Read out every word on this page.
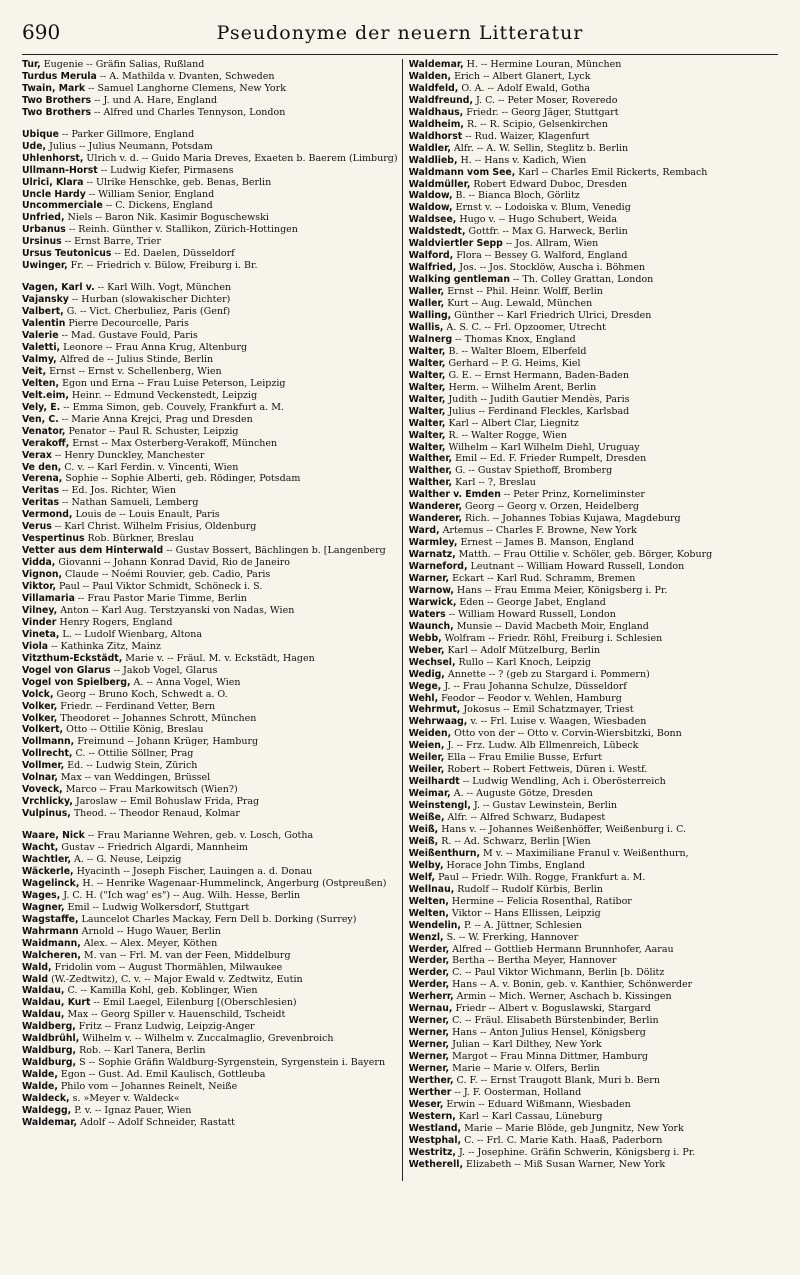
690	Pseudonyme der neuern Litteratur
Tur, Eugenie -- Gräfin Salias, Rußland
Turdus Merula -- A. Mathilda v. Dvanten, Schweden
Twain, Mark -- Samuel Langhorne Clemens, New York
Two Brothers -- J. und A. Hare, England
Two Brothers -- Alfred und Charles Tennyson, London
Ubique -- Parker Gillmore, England
Ude, Julius -- Julius Neumann, Potsdam
Uhlenhorst, Ulrich v. d. -- Guido Maria Dreves, Exaeten b. Baerem (Limburg)
Ullmann-Horst -- Ludwig Kiefer, Pirmasens
Ulrici, Klara -- Ulrike Henschke, geb. Benas, Berlin
Uncle Hardy -- William Senior, England
Uncommerciale -- C. Dickens, England
Unfried, Niels -- Baron Nik. Kasimir Boguschewski
Urbanus -- Reinh. Günther v. Stallikon, Zürich-Hottingen
Ursinus -- Ernst Barre, Trier
Ursus Teutonicus -- Ed. Daelen, Düsseldorf
Uwinger, Fr. -- Friedrich v. Bülow, Freiburg i. Br.
Vagen, Karl v. -- Karl Wilh. Vogt, München
Vajansky -- Hurban (slowakischer Dichter)
Valbert, G. -- Vict. Cherbuliez, Paris (Genf)
Valentin Pierre Decourcelle, Paris
Valerie -- Mad. Gustave Fould, Paris
Valetti, Leonore -- Frau Anna Krug, Altenburg
Valmy, Alfred de -- Julius Stinde, Berlin
Veit, Ernst -- Ernst v. Schellenberg, Wien
Velten, Egon und Erna -- Frau Luise Peterson, Leipzig
Velt.eim, Heinr. -- Edmund Veckenstedt, Leipzig
Vely, E. -- Emma Simon, geb. Couvely, Frankfurt a. M.
Ven, C. -- Marie Anna Krejci, Prag und Dresden
Venator, Penator -- Paul R. Schuster, Leipzig
Verakoff, Ernst -- Max Osterberg-Verakoff, München
Verax -- Henry Dunckley, Manchester
Ve den, C. v. -- Karl Ferdin. v. Vincenti, Wien
Verena, Sophie -- Sophie Alberti, geb. Rödinger, Potsdam
Veritas -- Ed. Jos. Richter, Wien
Veritas -- Nathan Samueli, Lemberg
Vermond, Louis de -- Louis Enault, Paris
Verus -- Karl Christ. Wilhelm Frisius, Oldenburg
Vespertinus Rob. Bürkner, Breslau
Vetter aus dem Hinterwald -- Gustav Bossert, Bächlingen b. [Langenberg
Vidda, Giovanni -- Johann Konrad David, Rio de Janeiro
Vignon, Claude -- Noémi Rouvier, geb. Cadio, Paris
Viktor, Paul -- Paul Viktor Schmidt, Schöneck i. S.
Villamaria -- Frau Pastor Marie Timme, Berlin
Vilney, Anton -- Karl Aug. Terstzyanski von Nadas, Wien
Vinder Henry Rogers, England
Vineta, L. -- Ludolf Wienbarg, Altona
Viola -- Kathinka Zitz, Mainz
Vitzthum-Eckstädt, Marie v. -- Fräul. M. v. Eckstädt, Hagen
Vogel von Glarus -- Jakob Vogel, Glarus
Vogel von Spielberg, A. -- Anna Vogel, Wien
Volck, Georg -- Bruno Koch, Schwedt a. O.
Volker, Friedr. -- Ferdinand Vetter, Bern
Volker, Theodoret -- Johannes Schrott, München
Volkert, Otto -- Ottilie König, Breslau
Vollmann, Freimund -- Johann Krüger, Hamburg
Vollrecht, C. -- Ottilie Söllner, Prag
Vollmer, Ed. -- Ludwig Stein, Zürich
Volnar, Max -- van Weddingen, Brüssel
Voveck, Marco -- Frau Markowitsch (Wien?)
Vrchlicky, Jaroslaw -- Emil Bohuslaw Frida, Prag
Vulpinus, Theod. -- Theodor Renaud, Kolmar
Waare, Nick -- Frau Marianne Wehren, geb. v. Losch, Gotha
Wacht, Gustav -- Friedrich Algardi, Mannheim
Wachtler, A. -- G. Neuse, Leipzig
Wäckerle, Hyacinth -- Joseph Fischer, Lauingen a. d. Donau
Wagelinck, H. -- Henrike Wagenaar-Hummelinck, Angerburg (Ostpreußen)
Wages, J. C. H. ("Ich wag' es") -- Aug. Wilh. Hesse, Berlin
Wagner, Emil -- Ludwig Wolkersdorf, Stuttgart
Wagstaffe, Launcelot Charles Mackay, Fern Dell b. Dorking (Surrey)
Wahrmann Arnold -- Hugo Wauer, Berlin
Waidmann, Alex. -- Alex. Meyer, Köthen
Walcheren, M. van -- Frl. M. van der Feen, Middelburg
Wald, Fridolin vom -- August Thormählen, Milwaukee
Wald (W.-Zedtwitz), C. v. -- Major Ewald v. Zedtwitz, Eutin
Waldau, C. -- Kamilla Kohl, geb. Koblinger, Wien
Waldau, Kurt -- Emil Laegel, Eilenburg [(Oberschlesien)
Waldau, Max -- Georg Spiller v. Hauenschild, Tscheidt
Waldberg, Fritz -- Franz Ludwig, Leipzig-Anger
Waldbrühl, Wilhelm v. -- Wilhelm v. Zuccalmaglio, Grevenbroich
Waldburg, Rob. -- Karl Tanera, Berlin
Waldburg, S -- Sophie Gräfin Waldburg-Syrgenstein, Syrgenstein i. Bayern
Walde, Egon -- Gust. Ad. Emil Kaulisch, Gottleuba
Walde, Philo vom -- Johannes Reinelt, Neiße
Waldeck, s. »Meyer v. Waldeck«
Waldegg, P. v. -- Ignaz Pauer, Wien
Waldemar, Adolf -- Adolf Schneider, Rastatt
Waldemar, H. -- Hermine Louran, München
Walden, Erich -- Albert Glanert, Lyck
Waldfeld, O. A. -- Adolf Ewald, Gotha
Waldfreund, J. C. -- Peter Moser, Roveredo
Waldhaus, Friedr. -- Georg Jäger, Stuttgart
Waldheim, R. -- R. Scipio, Gelsenkirchen
Waldhorst -- Rud. Waizer, Klagenfurt
Waldler, Alfr. -- A. W. Sellin, Steglitz b. Berlin
Waldlieb, H. -- Hans v. Kadich, Wien
Waldmann vom See, Karl -- Charles Emil Rickerts, Rembach
Waldmüller, Robert Edward Duboc, Dresden
Waldow, B. -- Bianca Bloch, Görlitz
Waldow, Ernst v. -- Lodoiska v. Blum, Venedig
Waldsee, Hugo v. -- Hugo Schubert, Weida
Waldstedt, Gottfr. -- Max G. Harweck, Berlin
Waldviertler Sepp -- Jos. Allram, Wien
Walford, Flora -- Bessey G. Walford, England
Walfried, Jos. -- Jos. Stocklöw, Auscha i. Böhmen
Walking gentleman -- Th. Colley Grattan, London
Waller, Ernst -- Phil. Heinr. Wolff, Berlin
Waller, Kurt -- Aug. Lewald, München
Walling, Günther -- Karl Friedrich Ulrici, Dresden
Wallis, A. S. C. -- Frl. Opzoomer, Utrecht
Walnerg -- Thomas Knox, England
Walter, B. -- Walter Bloem, Elberfeld
Walter, Gerhard -- P. G. Heims, Kiel
Walter, G. E. -- Ernst Hermann, Baden-Baden
Walter, Herm. -- Wilhelm Arent, Berlin
Walter, Judith -- Judith Gautier Mendès, Paris
Walter, Julius -- Ferdinand Fleckles, Karlsbad
Walter, Karl -- Albert Clar, Liegnitz
Walter, R. -- Walter Rogge, Wien
Walter, Wilhelm -- Karl Wilhelm Diehl, Uruguay
Walther, Emil -- Ed. F. Frieder Rumpelt, Dresden
Walther, G. -- Gustav Spiethoff, Bromberg
Walther, Karl -- ?, Breslau
Walther v. Emden -- Peter Prinz, Korneliminster
Wanderer, Georg -- Georg v. Orzen, Heidelberg
Wanderer, Rich. -- Johannes Tobias Kujawa, Magdeburg
Ward, Artemus -- Charles F. Browne, New York
Warmley, Ernest -- James B. Manson, England
Warnatz, Matth. -- Frau Ottilie v. Schöler, geb. Börger, Koburg
Warneford, Leutnant -- William Howard Russell, London
Warner, Eckart -- Karl Rud. Schramm, Bremen
Warnow, Hans -- Frau Emma Meier, Königsberg i. Pr.
Warwick, Eden -- George Jabet, England
Waters -- William Howard Russell, London
Waunch, Munsie -- David Macbeth Moir, England
Webb, Wolfram -- Friedr. Röhl, Freiburg i. Schlesien
Weber, Karl -- Adolf Mützelburg, Berlin
Wechsel, Rullo -- Karl Knoch, Leipzig
Wedig, Annette -- ? (geb zu Stargard i. Pommern)
Wege, J. -- Frau Johanna Schulze, Düsseldorf
Wehl, Feodor -- Feodor v. Wehlen, Hamburg
Wehrmut, Jokosus -- Emil Schatzmayer, Triest
Wehrwaag, v. -- Frl. Luise v. Waagen, Wiesbaden
Weiden, Otto von der -- Otto v. Corvin-Wiersbitzki, Bonn
Weien, J. -- Frz. Ludw. Alb Ellmenreich, Lübeck
Weiler, Ella -- Frau Emilie Busse, Erfurt
Weiler, Robert -- Robert Fettweis, Düren i. Westf.
Weilhardt -- Ludwig Wendling, Ach i. Oberösterreich
Weimar, A. -- Auguste Götze, Dresden
Weinstengl, J. -- Gustav Lewinstein, Berlin
Weiße, Alfr. -- Alfred Schwarz, Budapest
Weiß, Hans v. -- Johannes Weißenhöffer, Weißenburg i. C.
Weiß, R. -- Ad. Schwarz, Berlin [Wien
Weißenthurn, M v. -- Maximiliane Franul v. Weißenthurn,
Welby, Horace John Timbs, England
Welf, Paul -- Friedr. Wilh. Rogge, Frankfurt a. M.
Wellnau, Rudolf -- Rudolf Kürbis, Berlin
Welten, Hermine -- Felicia Rosenthal, Ratibor
Welten, Viktor -- Hans Ellissen, Leipzig
Wendelin, P. -- A. Jüttner, Schlesien
Wenzl, S. -- W. Frerking, Hannover
Werder, Alfred -- Gottlieb Hermann Brunnhofer, Aarau
Werder, Bertha -- Bertha Meyer, Hannover
Werder, C. -- Paul Viktor Wichmann, Berlin [b. Dölitz
Werder, Hans -- A. v. Bonin, geb. v. Kanthier, Schönwerder
Werherr, Armin -- Mich. Werner, Aschach b. Kissingen
Wernau, Friedr -- Albert v. Boguslawski, Stargard
Werner, C. -- Fräul. Elisabeth Bürstenbinder, Berlin
Werner, Hans -- Anton Julius Hensel, Königsberg
Werner, Julian -- Karl Dilthey, New York
Werner, Margot -- Frau Minna Dittmer, Hamburg
Werner, Marie -- Marie v. Olfers, Berlin
Werther, C. F. -- Ernst Traugott Blank, Muri b. Bern
Werther -- J. F. Oosterman, Holland
Weser, Erwin -- Eduard Wißmann, Wiesbaden
Western, Karl -- Karl Cassau, Lüneburg
Westland, Marie -- Marie Blöde, geb Jungnitz, New York
Westphal, C. -- Frl. C. Marie Kath. Haaß, Paderborn
Westritz, J. -- Josephine. Gräfin Schwerin, Königsberg i. Pr.
Wetherell, Elizabeth -- Miß Susan Warner, New York
